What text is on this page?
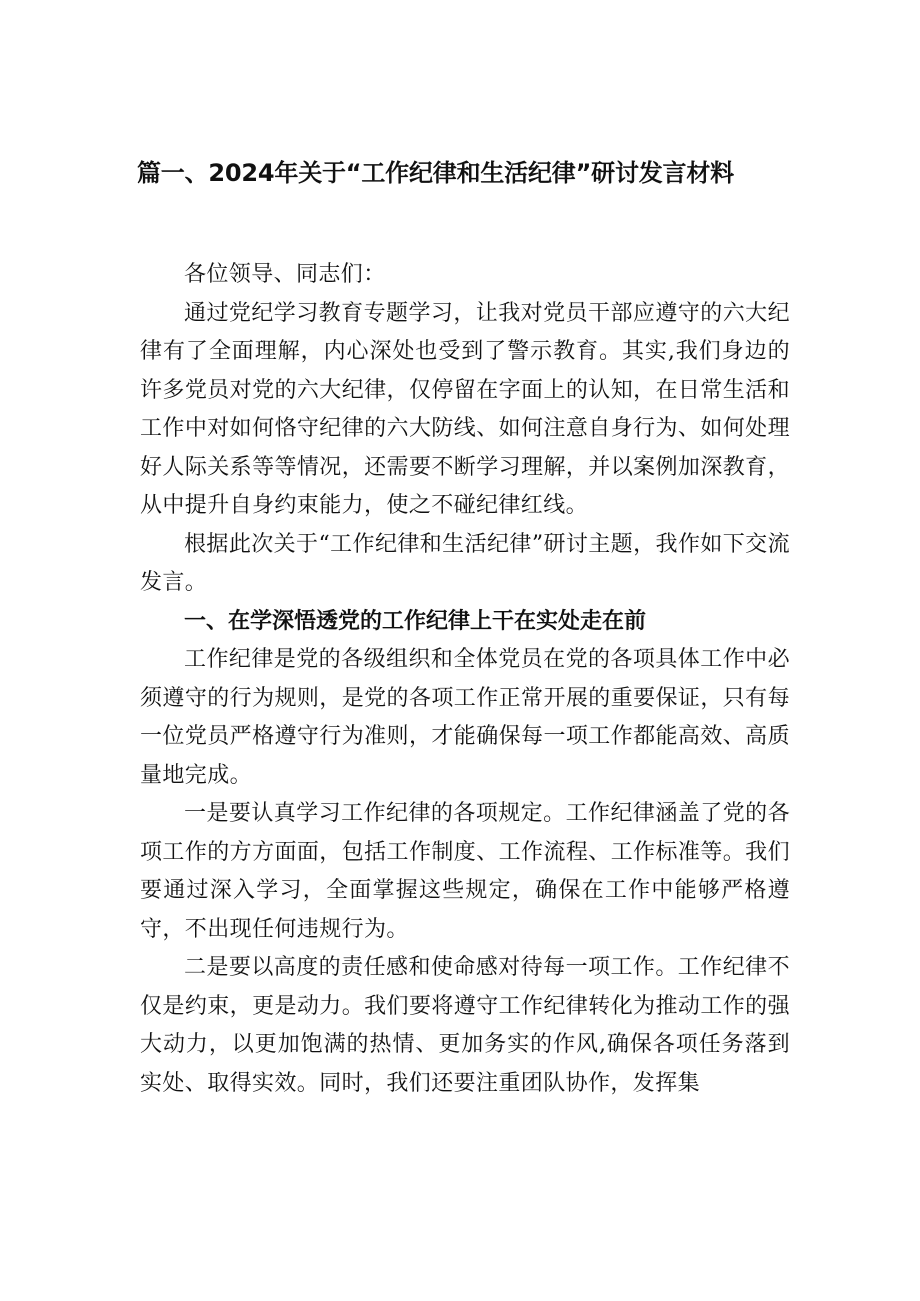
篇一、2024年关于“工作纪律和生活纪律”研讨发言材料

各位领导、同志们：

通过党纪学习教育专题学习，让我对党员干部应遵守的六大纪律有了全面理解，内心深处也受到了警示教育。其实,我们身边的许多党员对党的六大纪律，仅停留在字面上的认知，在日常生活和工作中对如何恪守纪律的六大防线、如何注意自身行为、如何处理好人际关系等等情况，还需要不断学习理解，并以案例加深教育，从中提升自身约束能力，使之不碰纪律红线。

根据此次关于“工作纪律和生活纪律”研讨主题，我作如下交流发言。

一、在学深悟透党的工作纪律上干在实处走在前

工作纪律是党的各级组织和全体党员在党的各项具体工作中必须遵守的行为规则，是党的各项工作正常开展的重要保证，只有每一位党员严格遵守行为准则，才能确保每一项工作都能高效、高质量地完成。

一是要认真学习工作纪律的各项规定。工作纪律涵盖了党的各项工作的方方面面，包括工作制度、工作流程、工作标准等。我们要通过深入学习，全面掌握这些规定，确保在工作中能够严格遵守，不出现任何违规行为。

二是要以高度的责任感和使命感对待每一项工作。工作纪律不仅是约束，更是动力。我们要将遵守工作纪律转化为推动工作的强大动力，以更加饱满的热情、更加务实的作风,确保各项任务落到实处、取得实效。同时，我们还要注重团队协作，发挥集
